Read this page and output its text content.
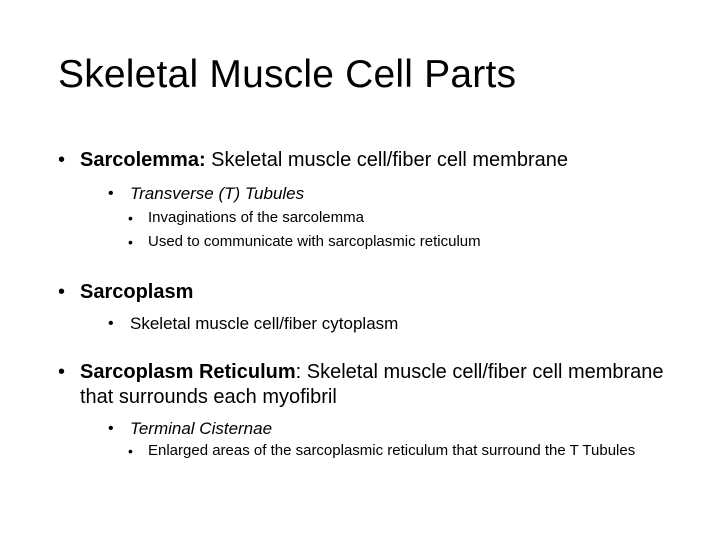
Skeletal Muscle Cell Parts
• Sarcolemma: Skeletal muscle cell/fiber cell membrane
• Transverse (T) Tubules
• Invaginations of the sarcolemma
• Used to communicate with sarcoplasmic reticulum
• Sarcoplasm
• Skeletal muscle cell/fiber cytoplasm
• Sarcoplasm Reticulum: Skeletal muscle cell/fiber cell membrane that surrounds each myofibril
• Terminal Cisternae
• Enlarged areas of the sarcoplasmic reticulum that surround the T Tubules
